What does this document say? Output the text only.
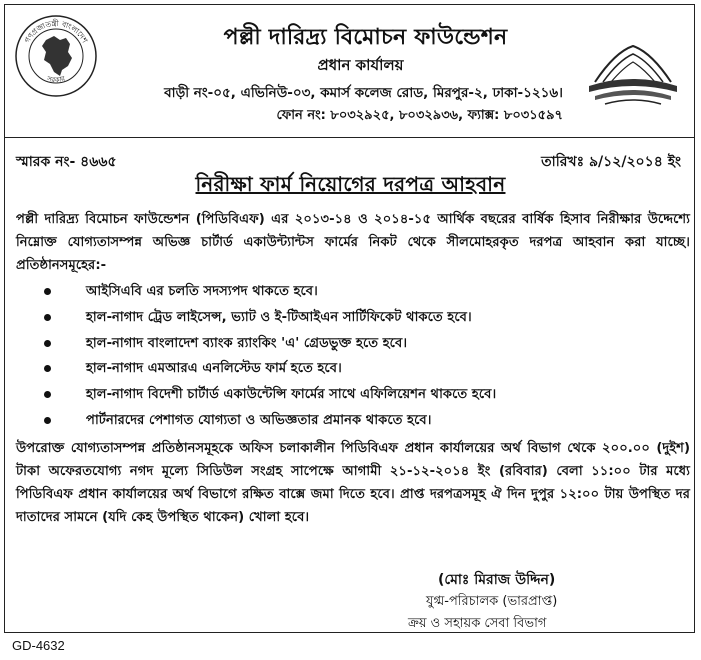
গণপ্রজাতন্ত্রী বাংলাদেশ
সরকার
পল্লী দারিদ্র্য বিমোচন ফাউন্ডেশন
প্রধান কার্যালয়
বাড়ী নং-০৫, এভিনিউ-০৩, কমার্স কলেজ রোড, মিরপুর-২, ঢাকা-১২১৬।
ফোন নং: ৮০৩২৯২৫, ৮০৩২৯৩৬, ফ্যাক্স: ৮০৩১৫৯৭
স্মারক নং- ৪৬৬৫	তারিখঃ ৯/১২/২০১৪ ইং
নিরীক্ষা ফার্ম নিয়োগের দরপত্র আহবান
পল্লী দারিদ্র্য বিমোচন ফাউন্ডেশন (পিডিবিএফ) এর ২০১৩-১৪ ও ২০১৪-১৫ আর্থিক বছরের বার্ষিক হিসাব নিরীক্ষার উদ্দেশ্যে নিম্নোক্ত যোগ্যতাসম্পন্ন অভিজ্ঞ চার্টার্ড একাউন্ট্যান্টস ফার্মের নিকট থেকে সীলমোহরকৃত দরপত্র আহবান করা যাচ্ছে। প্রতিষ্ঠানসমূহের:-
আইসিএবি এর চলতি সদস্যপদ থাকতে হবে।
হাল-নাগাদ ট্রেড লাইসেন্স, ভ্যাট ও ই-টিআইএন সার্টিফিকেট থাকতে হবে।
হাল-নাগাদ বাংলাদেশ ব্যাংক র‌্যাংকিং 'এ' গ্রেডভুক্ত হতে হবে।
হাল-নাগাদ এমআরএ এনলিস্টেড ফার্ম হতে হবে।
হাল-নাগাদ বিদেশী চার্টার্ড একাউন্টেন্সি ফার্মের সাথে এফিলিয়েশন থাকতে হবে।
পার্টনারদের পেশাগত যোগ্যতা ও অভিজ্ঞতার প্রমানক থাকতে হবে।
উপরোক্ত যোগ্যতাসম্পন্ন প্রতিষ্ঠানসমূহকে অফিস চলাকালীন পিডিবিএফ প্রধান কার্যালয়ের অর্থ বিভাগ থেকে ২০০.০০ (দুইশ) টাকা অফেরতযোগ্য নগদ মূল্যে সিডিউল সংগ্রহ সাপেক্ষে আগামী ২১-১২-২০১৪ ইং (রবিবার) বেলা ১১:০০ টার মধ্যে পিডিবিএফ প্রধান কার্যালয়ের অর্থ বিভাগে রক্ষিত বাক্সে জমা দিতে হবে। প্রাপ্ত দরপত্রসমূহ ঐ দিন দুপুর ১২:০০ টায় উপস্থিত দর দাতাদের সামনে (যদি কেহ উপস্থিত থাকেন) খোলা হবে।
(মোঃ মিরাজ উদ্দিন)
যুগ্ম-পরিচালক (ভারপ্রাপ্ত)
ক্রয় ও সহায়ক সেবা বিভাগ
GD-4632
